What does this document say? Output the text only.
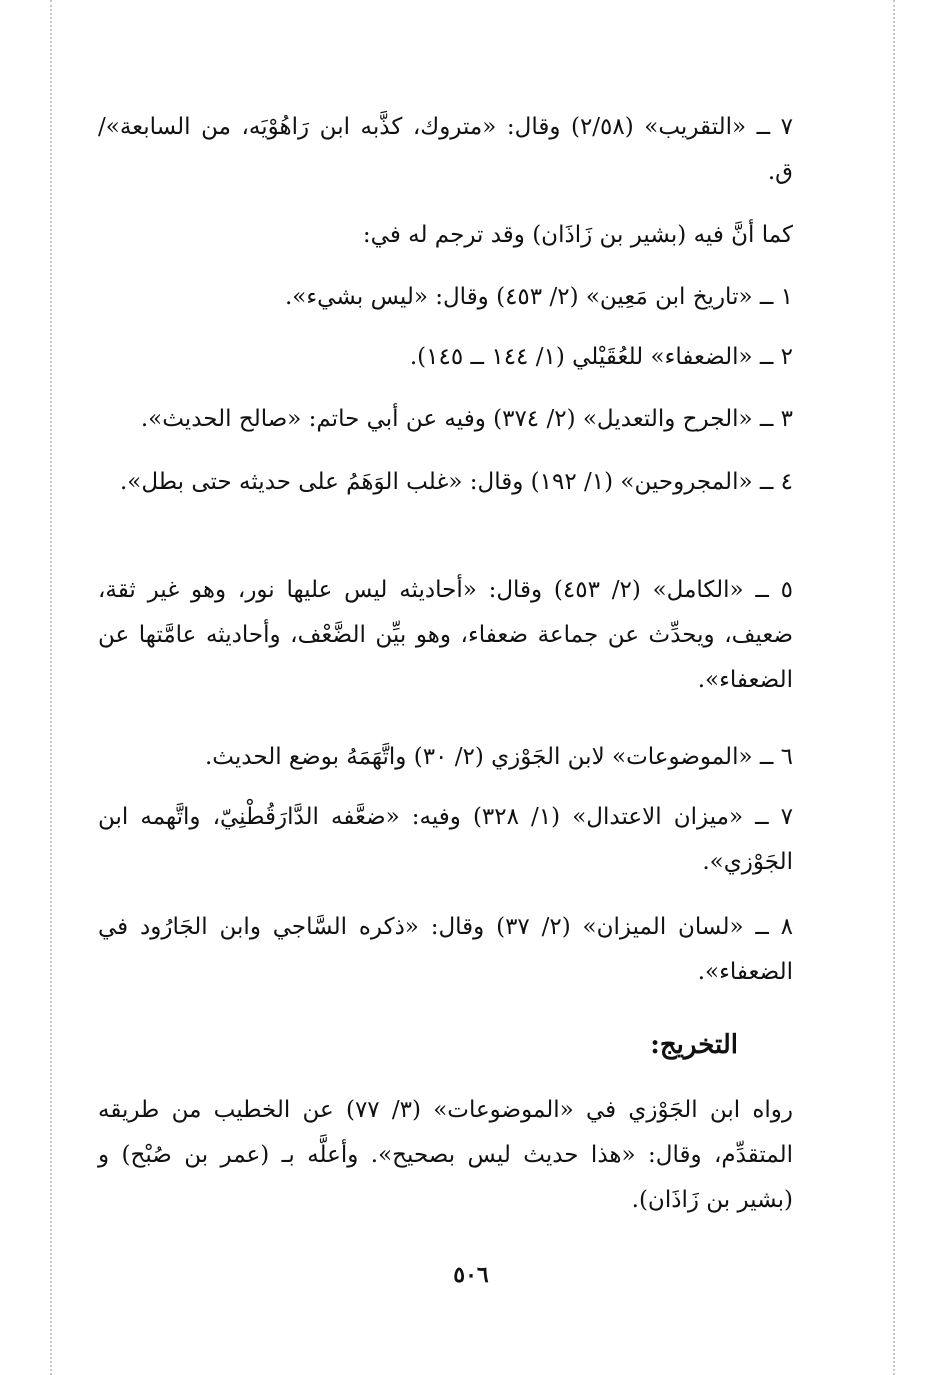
٧ ــ «التقريب» (٢/٥٨) وقال: «متروك، كذَّبه ابن رَاهُوْيَه، من السابعة»/ ق.

كما أنَّ فيه (بشير بن زَاذَان) وقد ترجم له في:

١ ــ «تاريخ ابن مَعِين» (٢/ ٤٥٣) وقال: «ليس بشيء».

٢ ــ «الضعفاء» للعُقَيْلي (١/ ١٤٤ ــ ١٤٥).

٣ ــ «الجرح والتعديل» (٢/ ٣٧٤) وفيه عن أبي حاتم: «صالح الحديث».

٤ ــ «المجروحين» (١/ ١٩٢) وقال: «غلب الوَهَمُ على حديثه حتى بطل».

٥ ــ «الكامل» (٢/ ٤٥٣) وقال: «أحاديثه ليس عليها نور، وهو غير ثقة، ضعيف، ويحدِّث عن جماعة ضعفاء، وهو بيِّن الضَّعْف، وأحاديثه عامَّتها عن الضعفاء».

٦ ــ «الموضوعات» لابن الجَوْزي (٢/ ٣٠) واتَّهَمَهُ بوضع الحديث.

٧ ــ «ميزان الاعتدال» (١/ ٣٢٨) وفيه: «ضعَّفه الدَّارَقُطْنِيّ، واتَّهمه ابن الجَوْزي».

٨ ــ «لسان الميزان» (٢/ ٣٧) وقال: «ذكره السَّاجي وابن الجَارُود في الضعفاء».

التخريج:

رواه ابن الجَوْزي في «الموضوعات» (٣/ ٧٧) عن الخطيب من طريقه المتقدِّم، وقال: «هذا حديث ليس بصحيح». وأعلَّه بـ (عمر بن صُبْح) و (بشير بن زَاذَان).

٥٠٦
